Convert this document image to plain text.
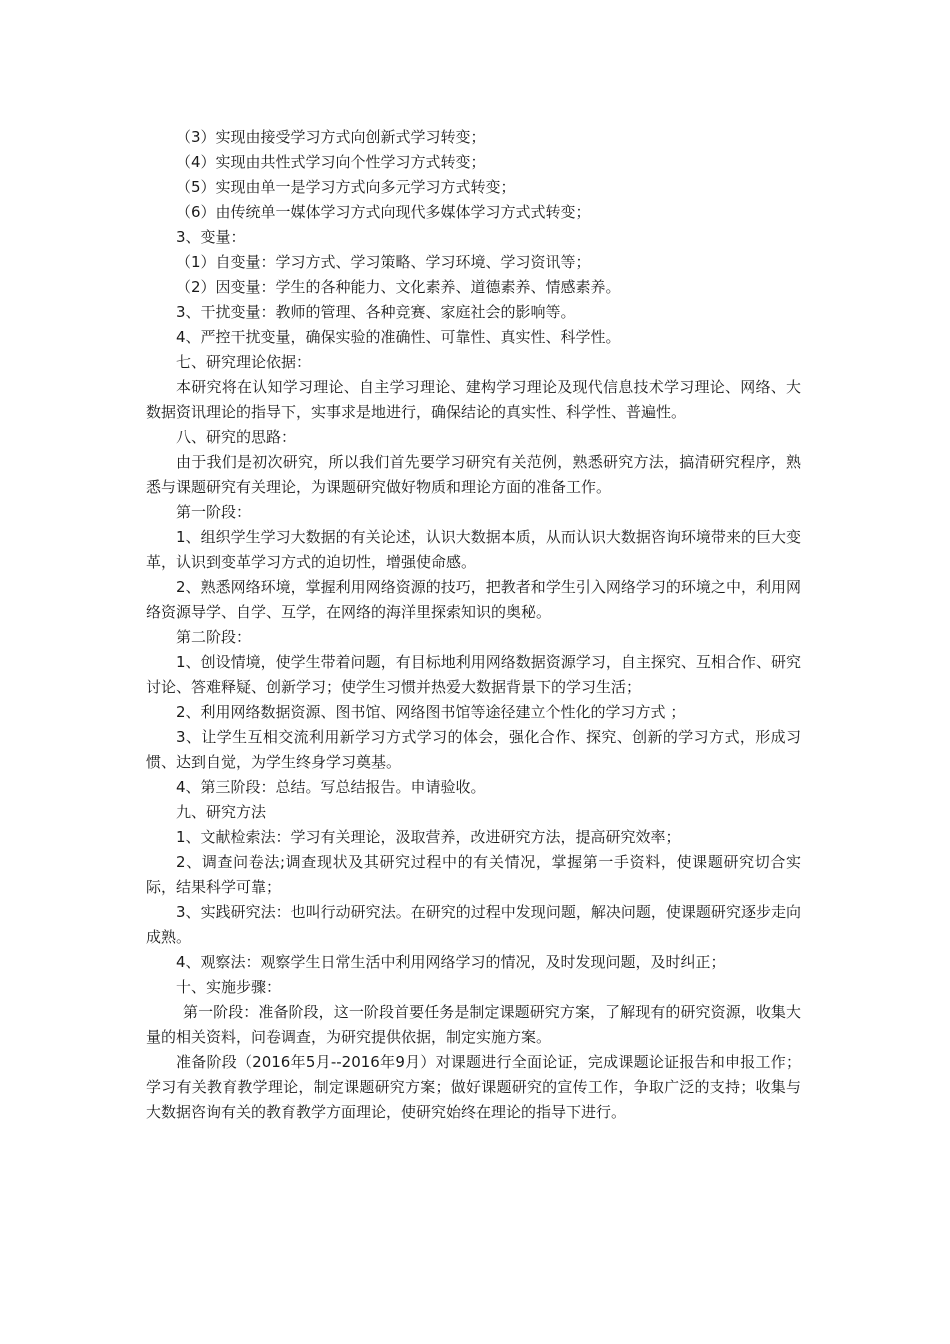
（3）实现由接受学习方式向创新式学习转变；

（4）实现由共性式学习向个性学习方式转变；

（5）实现由单一是学习方式向多元学习方式转变；

（6）由传统单一媒体学习方式向现代多媒体学习方式式转变；

3、变量：

（1）自变量：学习方式、学习策略、学习环境、学习资讯等；

（2）因变量：学生的各种能力、文化素养、道德素养、情感素养。

3、干扰变量：教师的管理、各种竞赛、家庭社会的影响等。

4、严控干扰变量，确保实验的准确性、可靠性、真实性、科学性。

七、研究理论依据：

本研究将在认知学习理论、自主学习理论、建构学习理论及现代信息技术学习理论、网络、大数据资讯理论的指导下，实事求是地进行，确保结论的真实性、科学性、普遍性。

八、研究的思路：

由于我们是初次研究，所以我们首先要学习研究有关范例，熟悉研究方法，搞清研究程序，熟悉与课题研究有关理论，为课题研究做好物质和理论方面的准备工作。

第一阶段：

1、组织学生学习大数据的有关论述，认识大数据本质，从而认识大数据咨询环境带来的巨大变革，认识到变革学习方式的迫切性，增强使命感。

2、熟悉网络环境，掌握利用网络资源的技巧，把教者和学生引入网络学习的环境之中，利用网络资源导学、自学、互学，在网络的海洋里探索知识的奥秘。

第二阶段：

1、创设情境，使学生带着问题，有目标地利用网络数据资源学习，自主探究、互相合作、研究讨论、答难释疑、创新学习；使学生习惯并热爱大数据背景下的学习生活；

2、利用网络数据资源、图书馆、网络图书馆等途径建立个性化的学习方式 ；

3、让学生互相交流利用新学习方式学习的体会，强化合作、探究、创新的学习方式，形成习惯、达到自觉，为学生终身学习奠基。

4、第三阶段：总结。写总结报告。申请验收。

九、研究方法

1、文献检索法：学习有关理论，汲取营养，改进研究方法，提高研究效率；

2、调查问卷法;调查现状及其研究过程中的有关情况，掌握第一手资料，使课题研究切合实际，结果科学可靠；

3、实践研究法：也叫行动研究法。在研究的过程中发现问题，解决问题，使课题研究逐步走向成熟。

4、观察法：观察学生日常生活中利用网络学习的情况，及时发现问题，及时纠正；

十、实施步骤：

第一阶段：准备阶段，这一阶段首要任务是制定课题研究方案，了解现有的研究资源，收集大量的相关资料，问卷调查，为研究提供依据，制定实施方案。

准备阶段（2016年5月--2016年9月）对课题进行全面论证，完成课题论证报告和申报工作；学习有关教育教学理论，制定课题研究方案；做好课题研究的宣传工作，争取广泛的支持；收集与大数据咨询有关的教育教学方面理论，使研究始终在理论的指导下进行。
